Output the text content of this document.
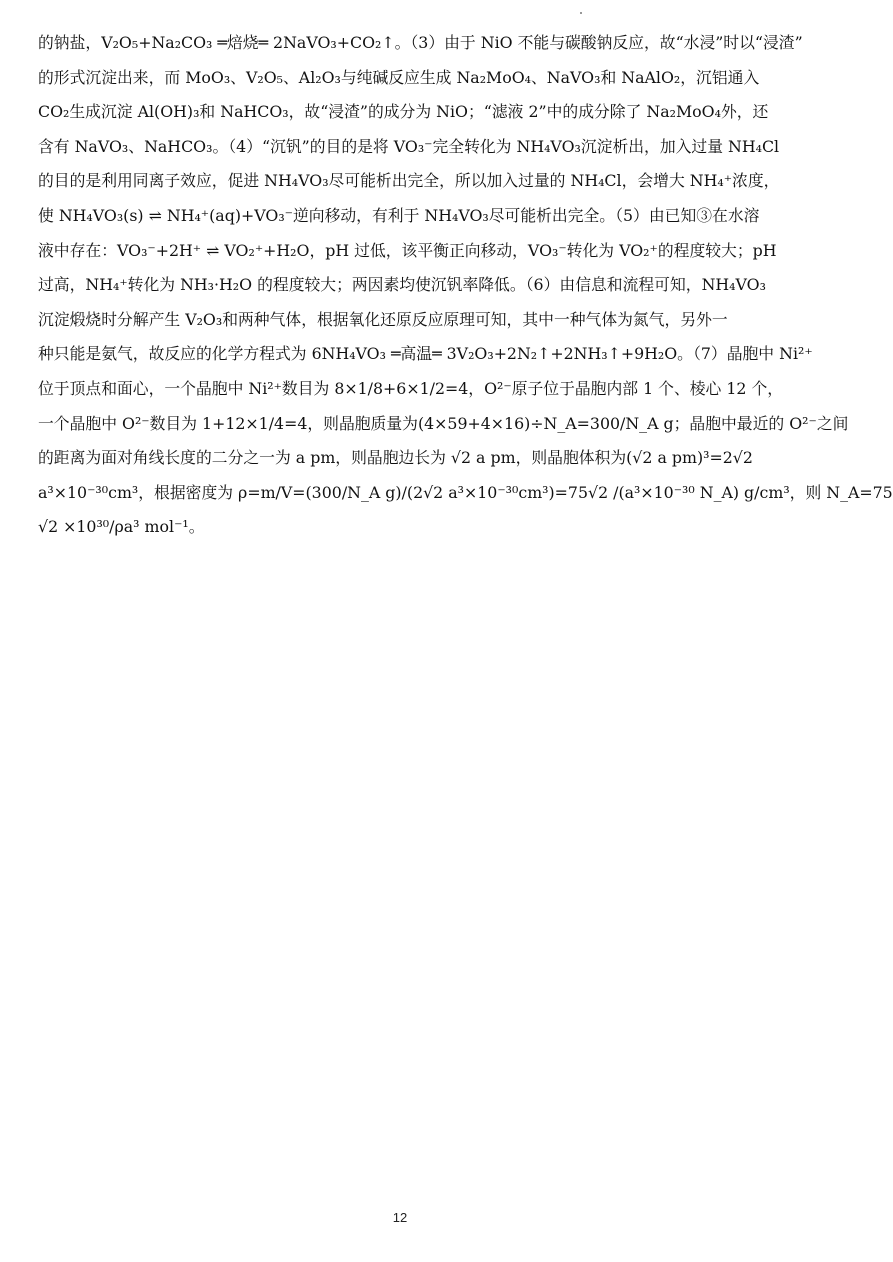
的钠盐，V₂O₅+Na₂CO₃ ═焙烧═ 2NaVO₃+CO₂↑。（3）由于 NiO 不能与碳酸钠反应，故“水浸”时以“浸渣”
的形式沉淀出来，而 MoO₃、V₂O₅、Al₂O₃与纯碱反应生成 Na₂MoO₄、NaVO₃和 NaAlO₂，沉铝通入
CO₂生成沉淀 Al(OH)₃和 NaHCO₃，故“浸渣”的成分为 NiO；“滤液 2”中的成分除了 Na₂MoO₄外，还
含有 NaVO₃、NaHCO₃。（4）“沉钒”的目的是将 VO₃⁻完全转化为 NH₄VO₃沉淀析出，加入过量 NH₄Cl
的目的是利用同离子效应，促进 NH₄VO₃尽可能析出完全，所以加入过量的 NH₄Cl，会增大 NH₄⁺浓度，
使 NH₄VO₃(s) ⇌ NH₄⁺(aq)+VO₃⁻逆向移动，有利于 NH₄VO₃尽可能析出完全。（5）由已知③在水溶
液中存在：VO₃⁻+2H⁺ ⇌ VO₂⁺+H₂O，pH 过低，该平衡正向移动，VO₃⁻转化为 VO₂⁺的程度较大；pH
过高，NH₄⁺转化为 NH₃·H₂O 的程度较大；两因素均使沉钒率降低。（6）由信息和流程可知，NH₄VO₃
沉淀煅烧时分解产生 V₂O₃和两种气体，根据氧化还原反应原理可知，其中一种气体为氮气，另外一
种只能是氨气，故反应的化学方程式为 6NH₄VO₃ ═高温═ 3V₂O₃+2N₂↑+2NH₃↑+9H₂O。（7）晶胞中 Ni²⁺
位于顶点和面心，一个晶胞中 Ni²⁺数目为 8×1/8+6×1/2=4，O²⁻原子位于晶胞内部 1 个、棱心 12 个，
一个晶胞中 O²⁻数目为 1+12×1/4=4，则晶胞质量为(4×59+4×16)÷N_A=300/N_A g；晶胞中最近的 O²⁻之间
的距离为面对角线长度的二分之一为 a pm，则晶胞边长为 √2 a pm，则晶胞体积为(√2 a pm)³=2√2
a³×10⁻³⁰cm³，根据密度为 ρ=m/V=(300/N_A g)/(2√2 a³×10⁻³⁰cm³)=75√2 /(a³×10⁻³⁰ N_A) g/cm³，则 N_A=75
√2 ×10³⁰/ρa³ mol⁻¹。
12
